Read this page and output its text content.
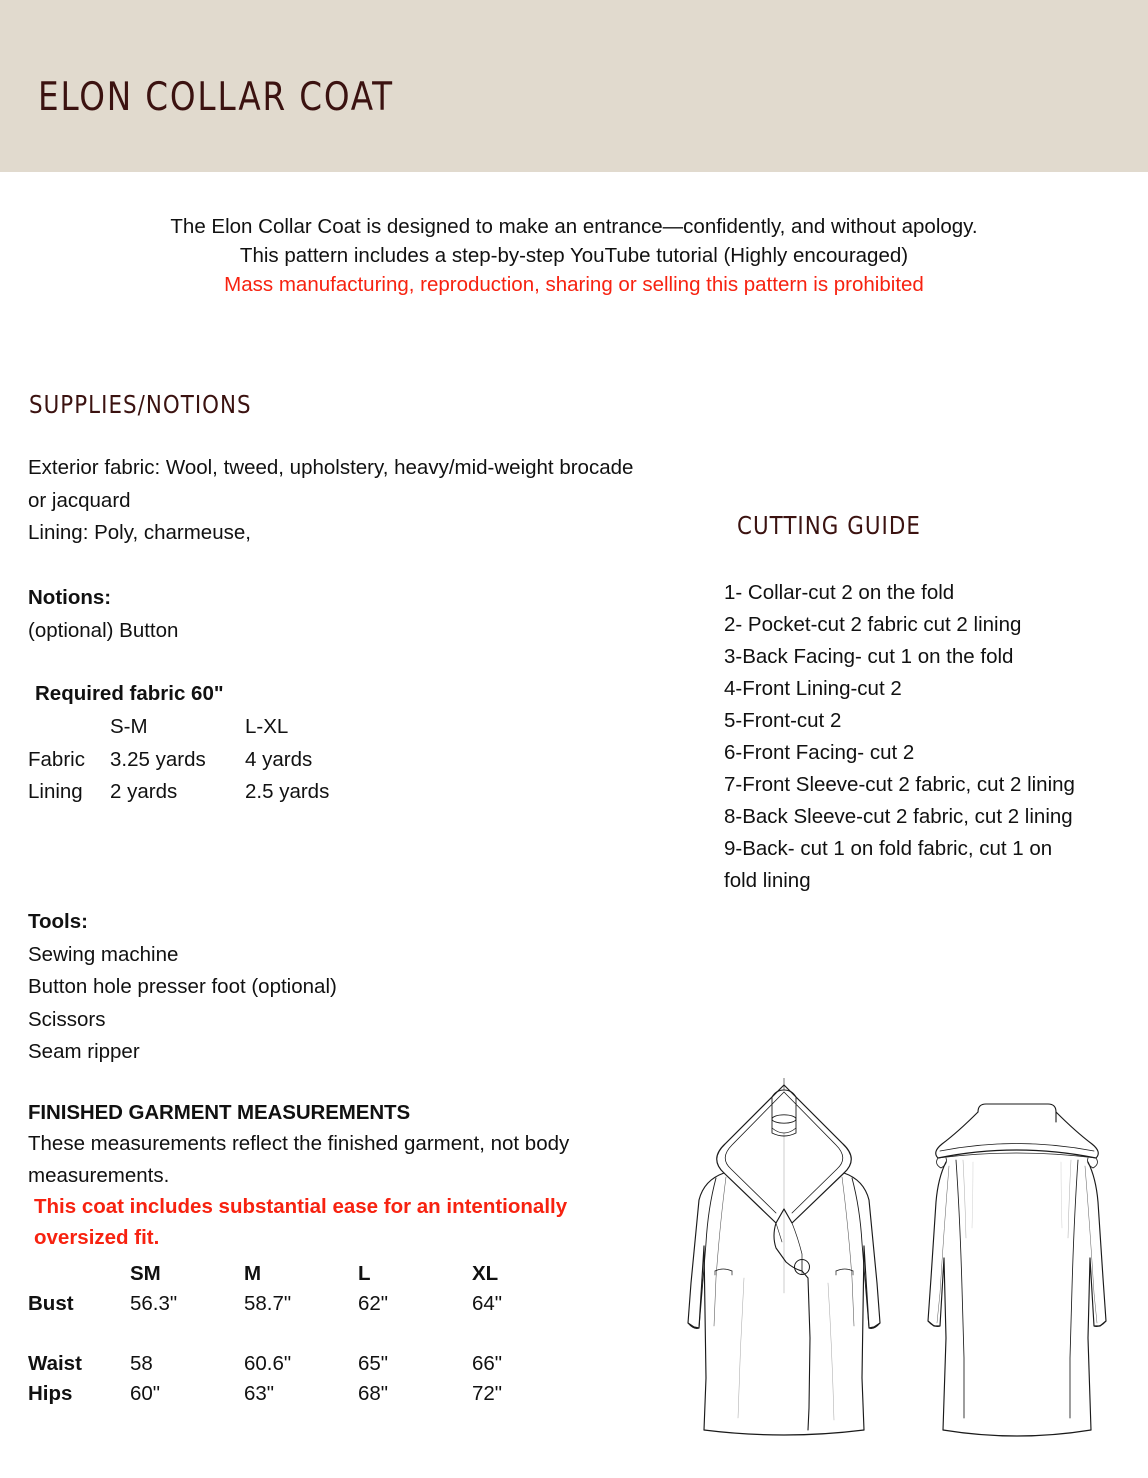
ELON COLLAR COAT
The Elon Collar Coat is designed to make an entrance—confidently, and without apology.
This pattern includes a step-by-step YouTube tutorial (Highly encouraged)
Mass manufacturing, reproduction, sharing or selling this pattern is prohibited
SUPPLIES/NOTIONS
Exterior fabric: Wool, tweed, upholstery, heavy/mid-weight brocade
or jacquard
Lining: Poly, charmeuse,
Notions:
(optional) Button
Required fabric 60"
	S-M	L-XL
Fabric	3.25 yards	4 yards
Lining	2 yards	2.5 yards
Tools:
Sewing machine
Button hole presser foot (optional)
Scissors
Seam ripper
CUTTING GUIDE
1- Collar-cut 2 on the fold
2- Pocket-cut 2 fabric cut 2 lining
3-Back Facing- cut 1 on the fold
4-Front Lining-cut 2
5-Front-cut 2
6-Front Facing- cut 2
7-Front Sleeve-cut 2 fabric, cut 2 lining
8-Back Sleeve-cut 2 fabric, cut 2 lining
9-Back- cut 1 on fold fabric, cut 1 on
fold lining
FINISHED GARMENT MEASUREMENTS
These measurements reflect the finished garment, not body
measurements.
This coat includes substantial ease for an intentionally
oversized fit.
	SM	M	L	XL
Bust	56.3"	58.7"	62"	64"

Waist	58	60.6"	65"	66"
Hips	60"	63"	68"	72"
